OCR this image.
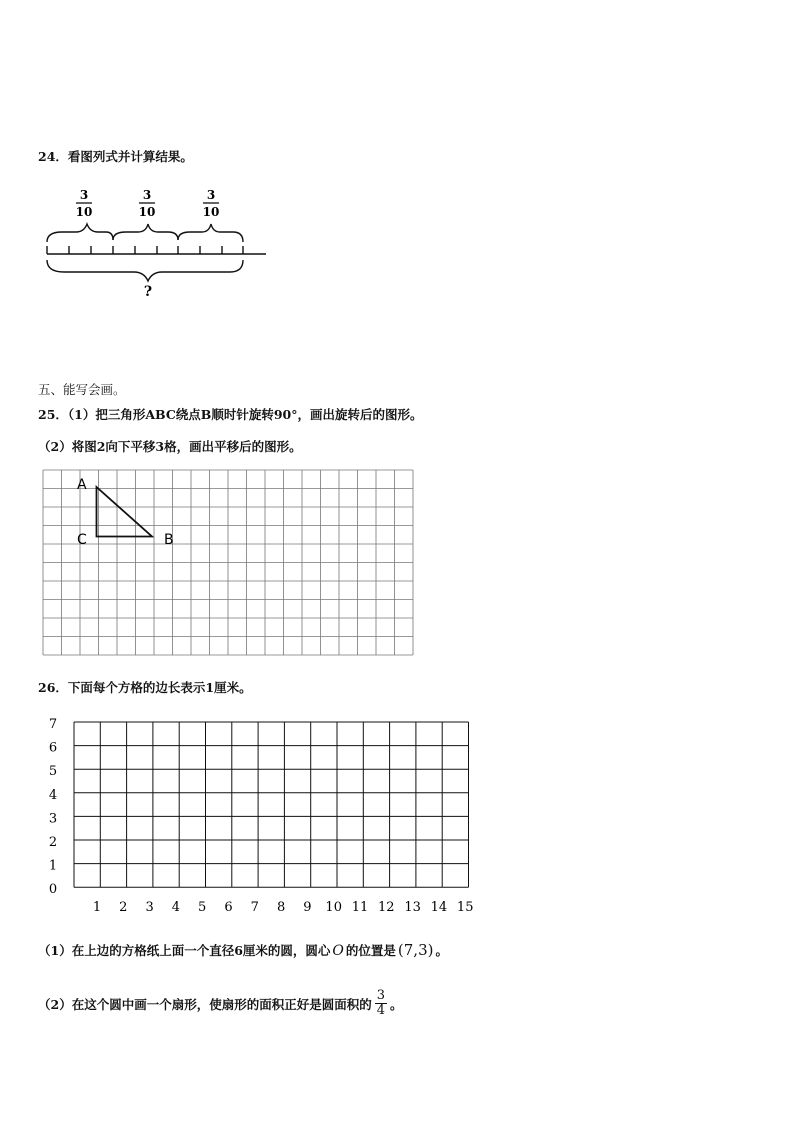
24．看图列式并计算结果。
3
10
3
10
3
10
?
五、能写会画。
25．（1）把三角形ABC绕点B顺时针旋转90°，画出旋转后的图形。
（2）将图2向下平移3格，画出平移后的图形。
A
C	B
26．下面每个方格的边长表示1厘米。
7
6
5
4
3
2
1
0
1 2 3 4 5 6 7 8 9 10 11 12 13 14 15
（1）在上边的方格纸上面一个直径6厘米的圆，圆心 O 的位置是 (7,3) 。
（2）在这个圆中画一个扇形，使扇形的面积正好是圆面积的 $\frac{3}{4}$ 。
